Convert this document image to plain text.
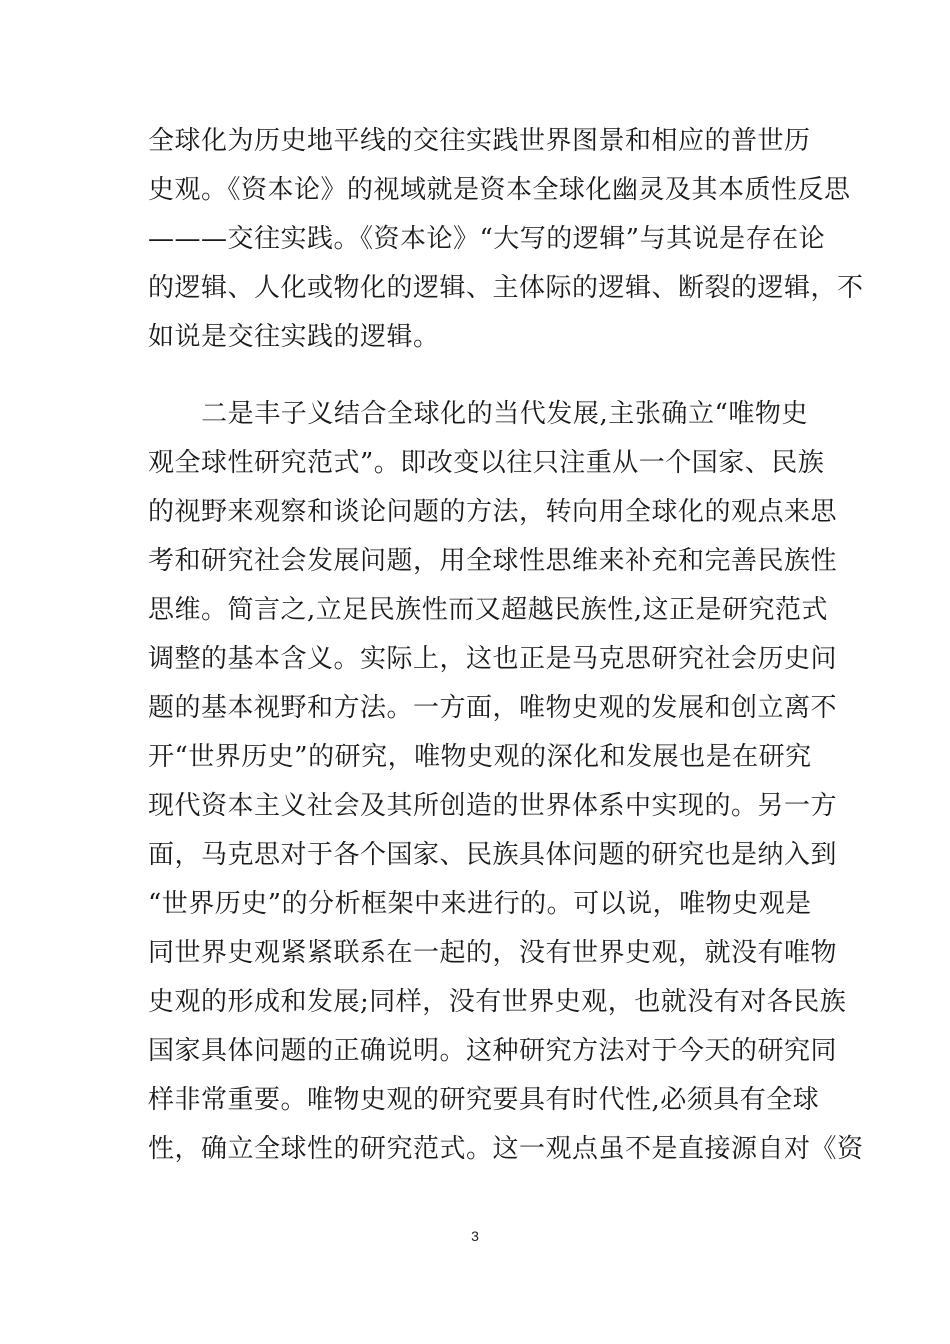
全球化为历史地平线的交往实践世界图景和相应的普世历
史观。《资本论》的视域就是资本全球化幽灵及其本质性反思
———交往实践。《资本论》“大写的逻辑”与其说是存在论
的逻辑、人化或物化的逻辑、主体际的逻辑、断裂的逻辑，不
如说是交往实践的逻辑。
　　二是丰子义结合全球化的当代发展,主张确立“唯物史
观全球性研究范式”。即改变以往只注重从一个国家、民族
的视野来观察和谈论问题的方法，转向用全球化的观点来思
考和研究社会发展问题，用全球性思维来补充和完善民族性
思维。简言之,立足民族性而又超越民族性,这正是研究范式
调整的基本含义。实际上，这也正是马克思研究社会历史问
题的基本视野和方法。一方面，唯物史观的发展和创立离不
开“世界历史”的研究，唯物史观的深化和发展也是在研究
现代资本主义社会及其所创造的世界体系中实现的。另一方
面，马克思对于各个国家、民族具体问题的研究也是纳入到
“世界历史”的分析框架中来进行的。可以说，唯物史观是
同世界史观紧紧联系在一起的，没有世界史观，就没有唯物
史观的形成和发展;同样，没有世界史观，也就没有对各民族
国家具体问题的正确说明。这种研究方法对于今天的研究同
样非常重要。唯物史观的研究要具有时代性,必须具有全球
性，确立全球性的研究范式。这一观点虽不是直接源自对《资
3
